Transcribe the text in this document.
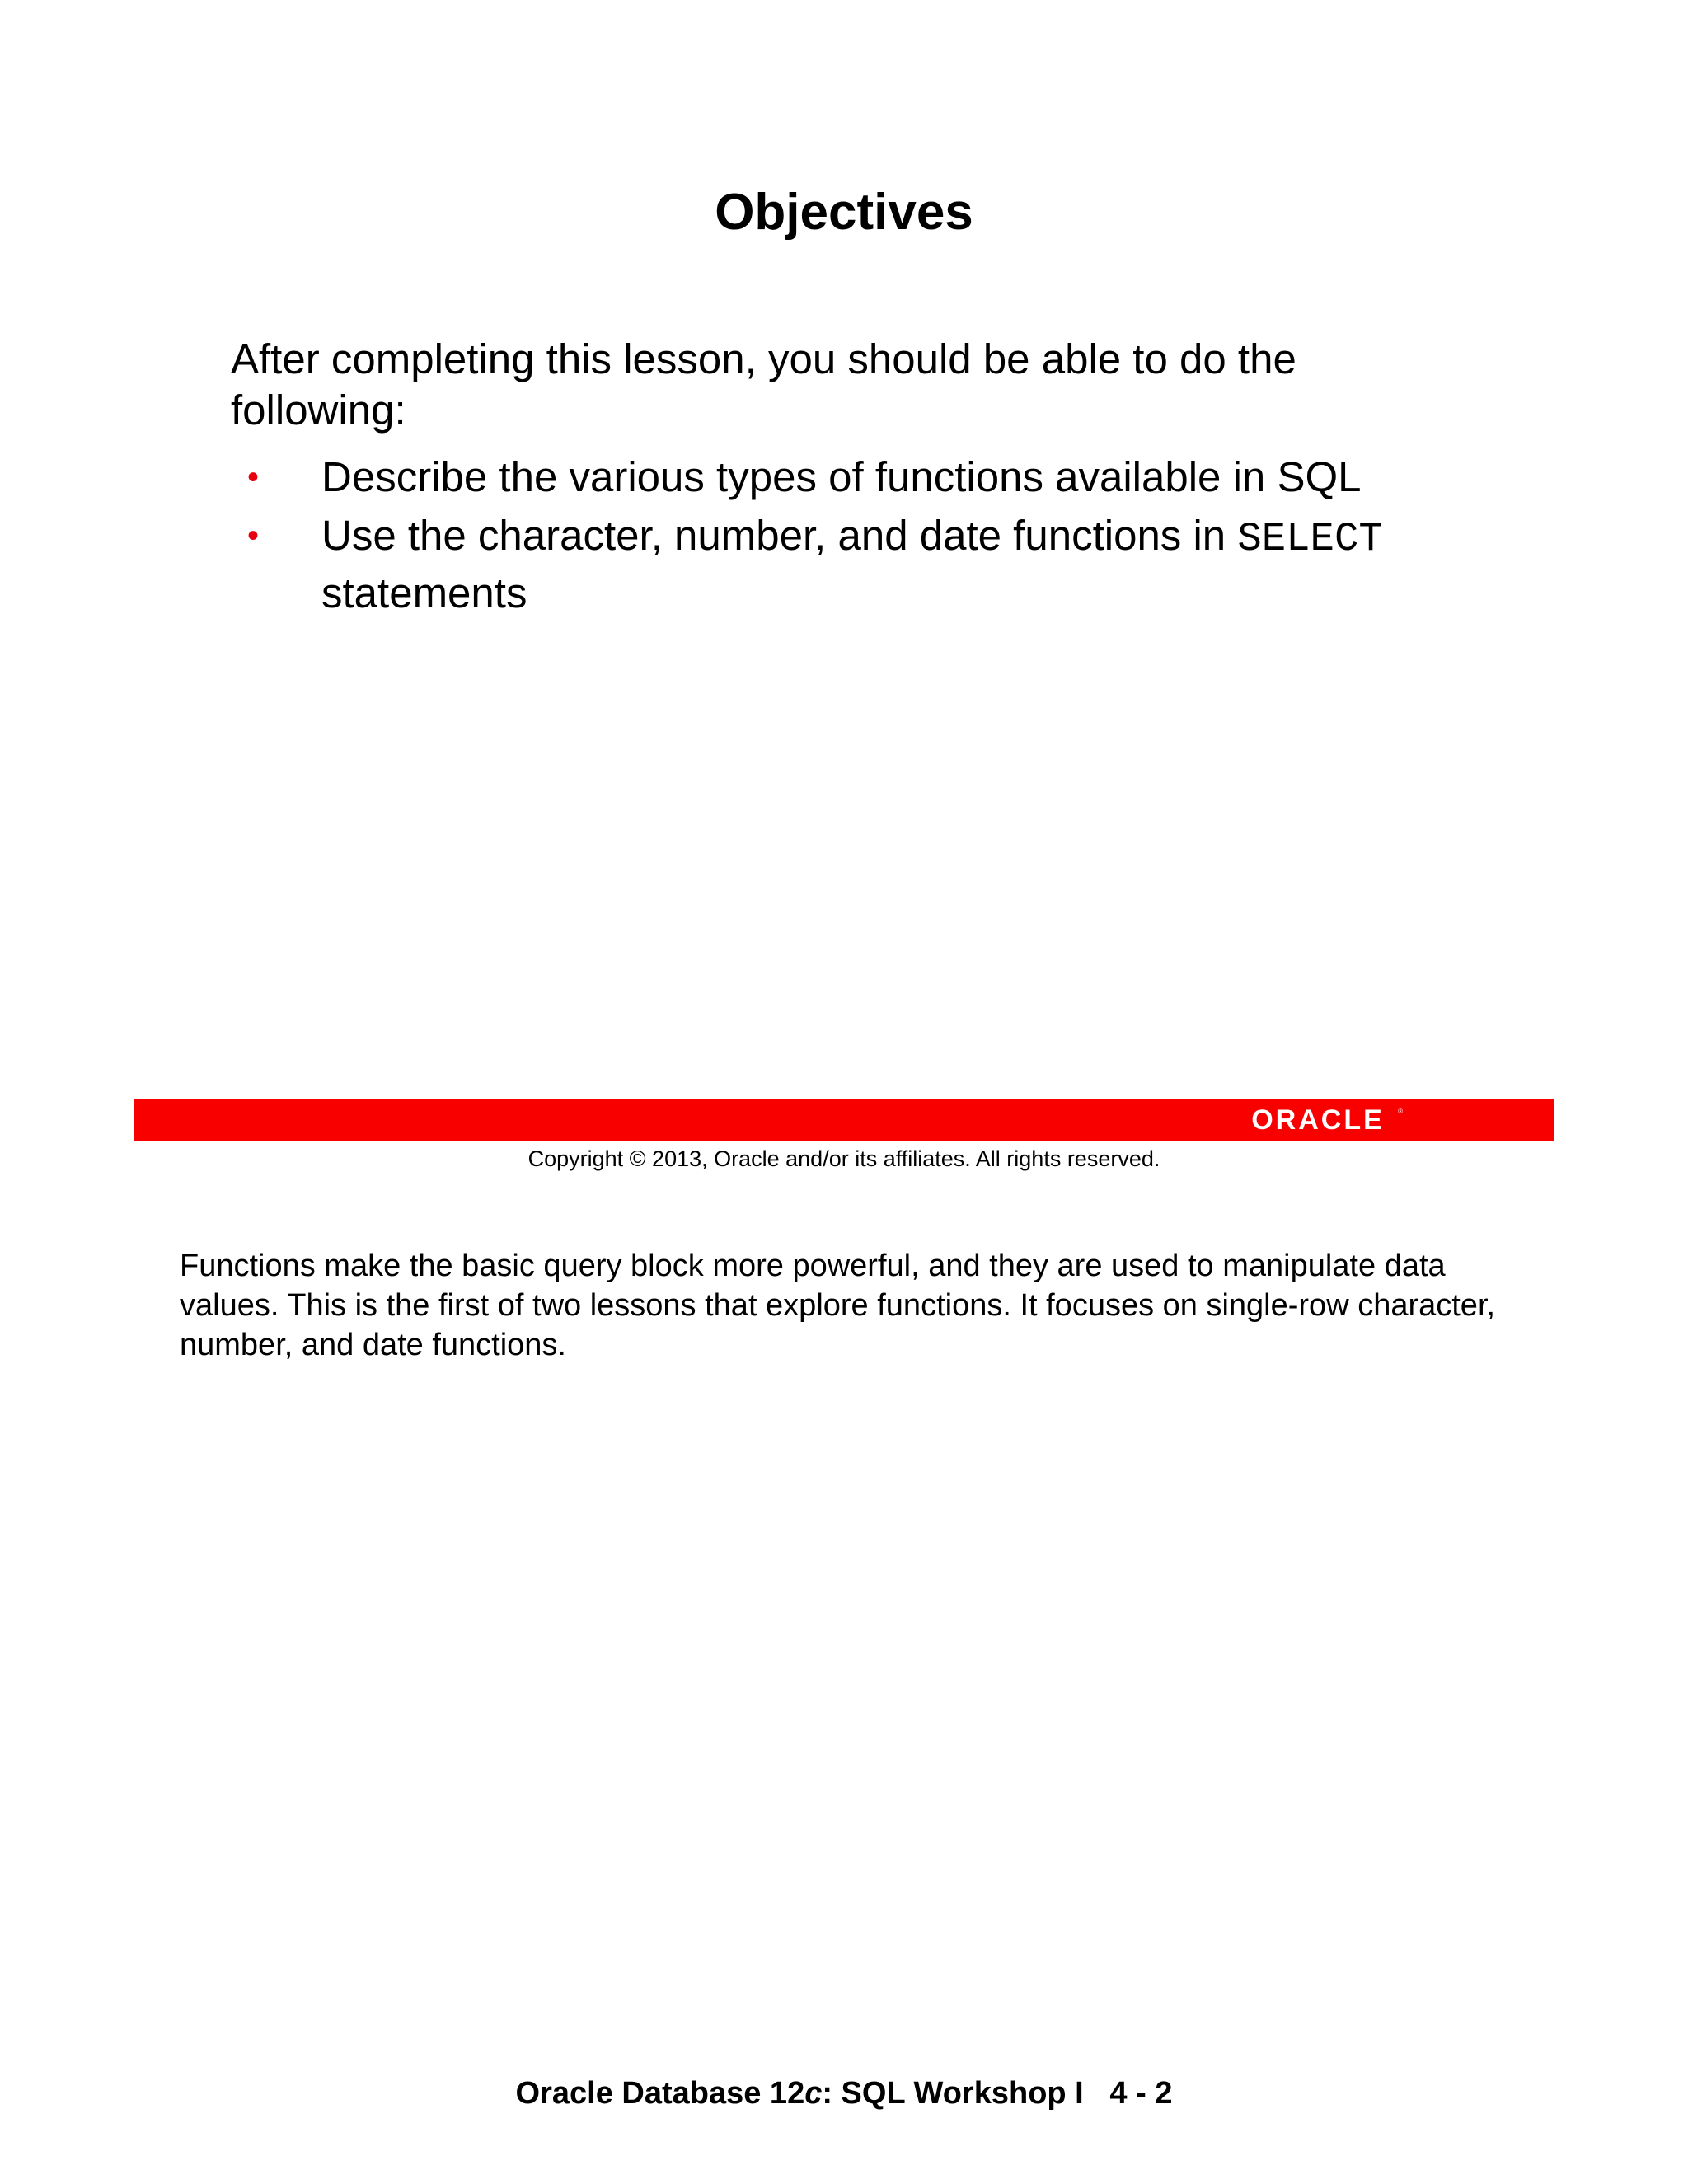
Objectives
After completing this lesson, you should be able to do the following:
• Describe the various types of functions available in SQL
• Use the character, number, and date functions in SELECT statements
ORACLE ®
Copyright © 2013, Oracle and/or its affiliates. All rights reserved.
Functions make the basic query block more powerful, and they are used to manipulate data values. This is the first of two lessons that explore functions. It focuses on single-row character, number, and date functions.
Oracle Database 12c: SQL Workshop I   4 - 2
